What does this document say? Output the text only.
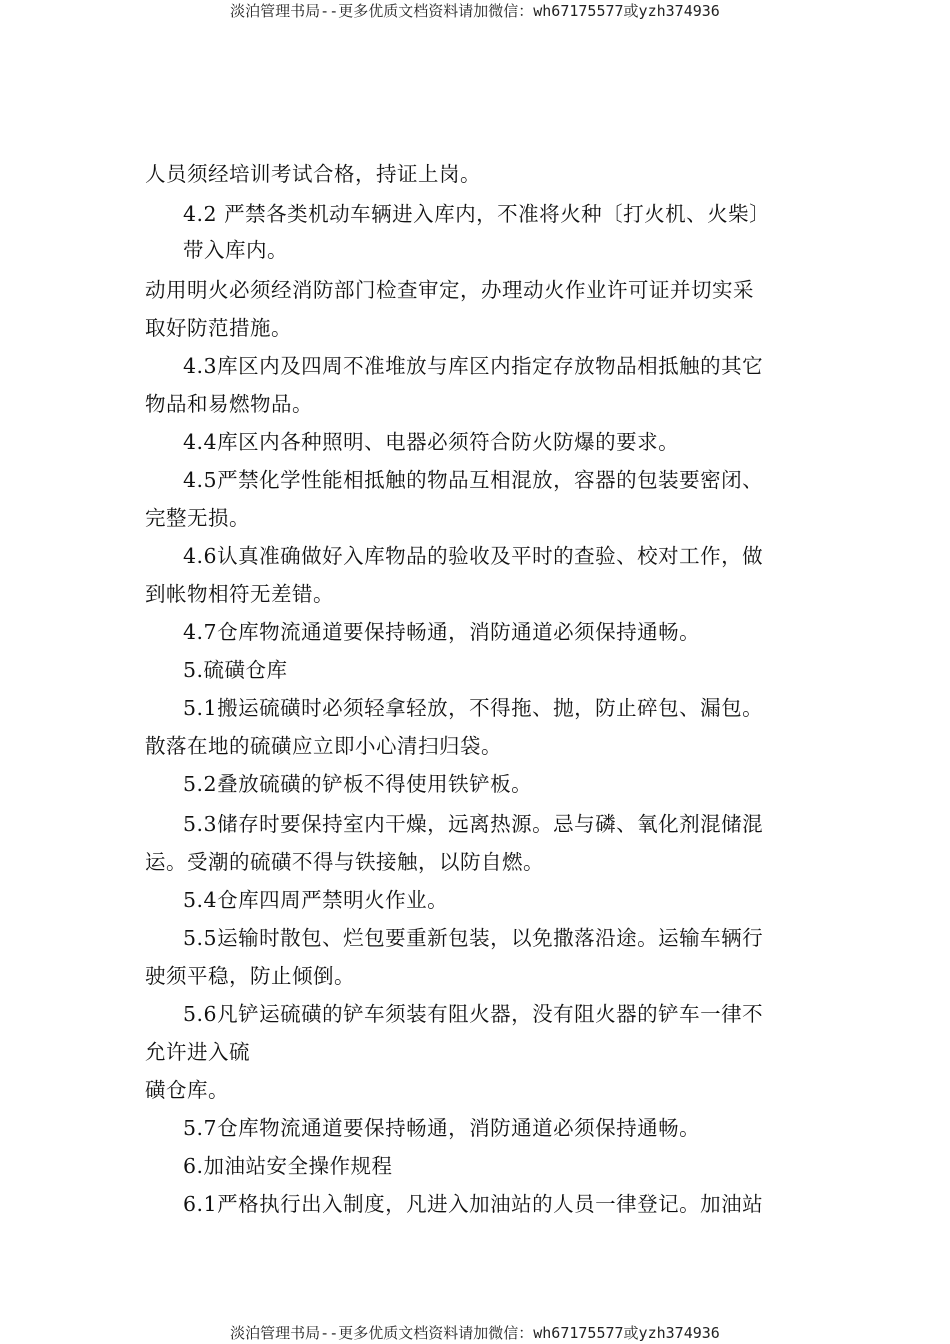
淡泊管理书局--更多优质文档资料请加微信：wh67175577或yzh374936
人员须经培训考试合格，持证上岗。
4.2 严禁各类机动车辆进入库内，不准将火种〔打火机、火柴〕
带入库内。
动用明火必须经消防部门检查审定，办理动火作业许可证并切实采
取好防范措施。
4.3库区内及四周不准堆放与库区内指定存放物品相抵触的其它
物品和易燃物品。
4.4库区内各种照明、电器必须符合防火防爆的要求。
4.5严禁化学性能相抵触的物品互相混放，容器的包装要密闭、
完整无损。
4.6认真准确做好入库物品的验收及平时的查验、校对工作，做
到帐物相符无差错。
4.7仓库物流通道要保持畅通，消防通道必须保持通畅。
5.硫磺仓库
5.1搬运硫磺时必须轻拿轻放，不得拖、抛，防止碎包、漏包。
散落在地的硫磺应立即小心清扫归袋。
5.2叠放硫磺的铲板不得使用铁铲板。
5.3储存时要保持室内干燥，远离热源。忌与磷、氧化剂混储混
运。受潮的硫磺不得与铁接触，以防自燃。
5.4仓库四周严禁明火作业。
5.5运输时散包、烂包要重新包装，以免撒落沿途。运输车辆行
驶须平稳，防止倾倒。
5.6凡铲运硫磺的铲车须装有阻火器，没有阻火器的铲车一律不
允许进入硫
磺仓库。
5.7仓库物流通道要保持畅通，消防通道必须保持通畅。
6.加油站安全操作规程
6.1严格执行出入制度，凡进入加油站的人员一律登记。加油站
淡泊管理书局--更多优质文档资料请加微信：wh67175577或yzh374936
